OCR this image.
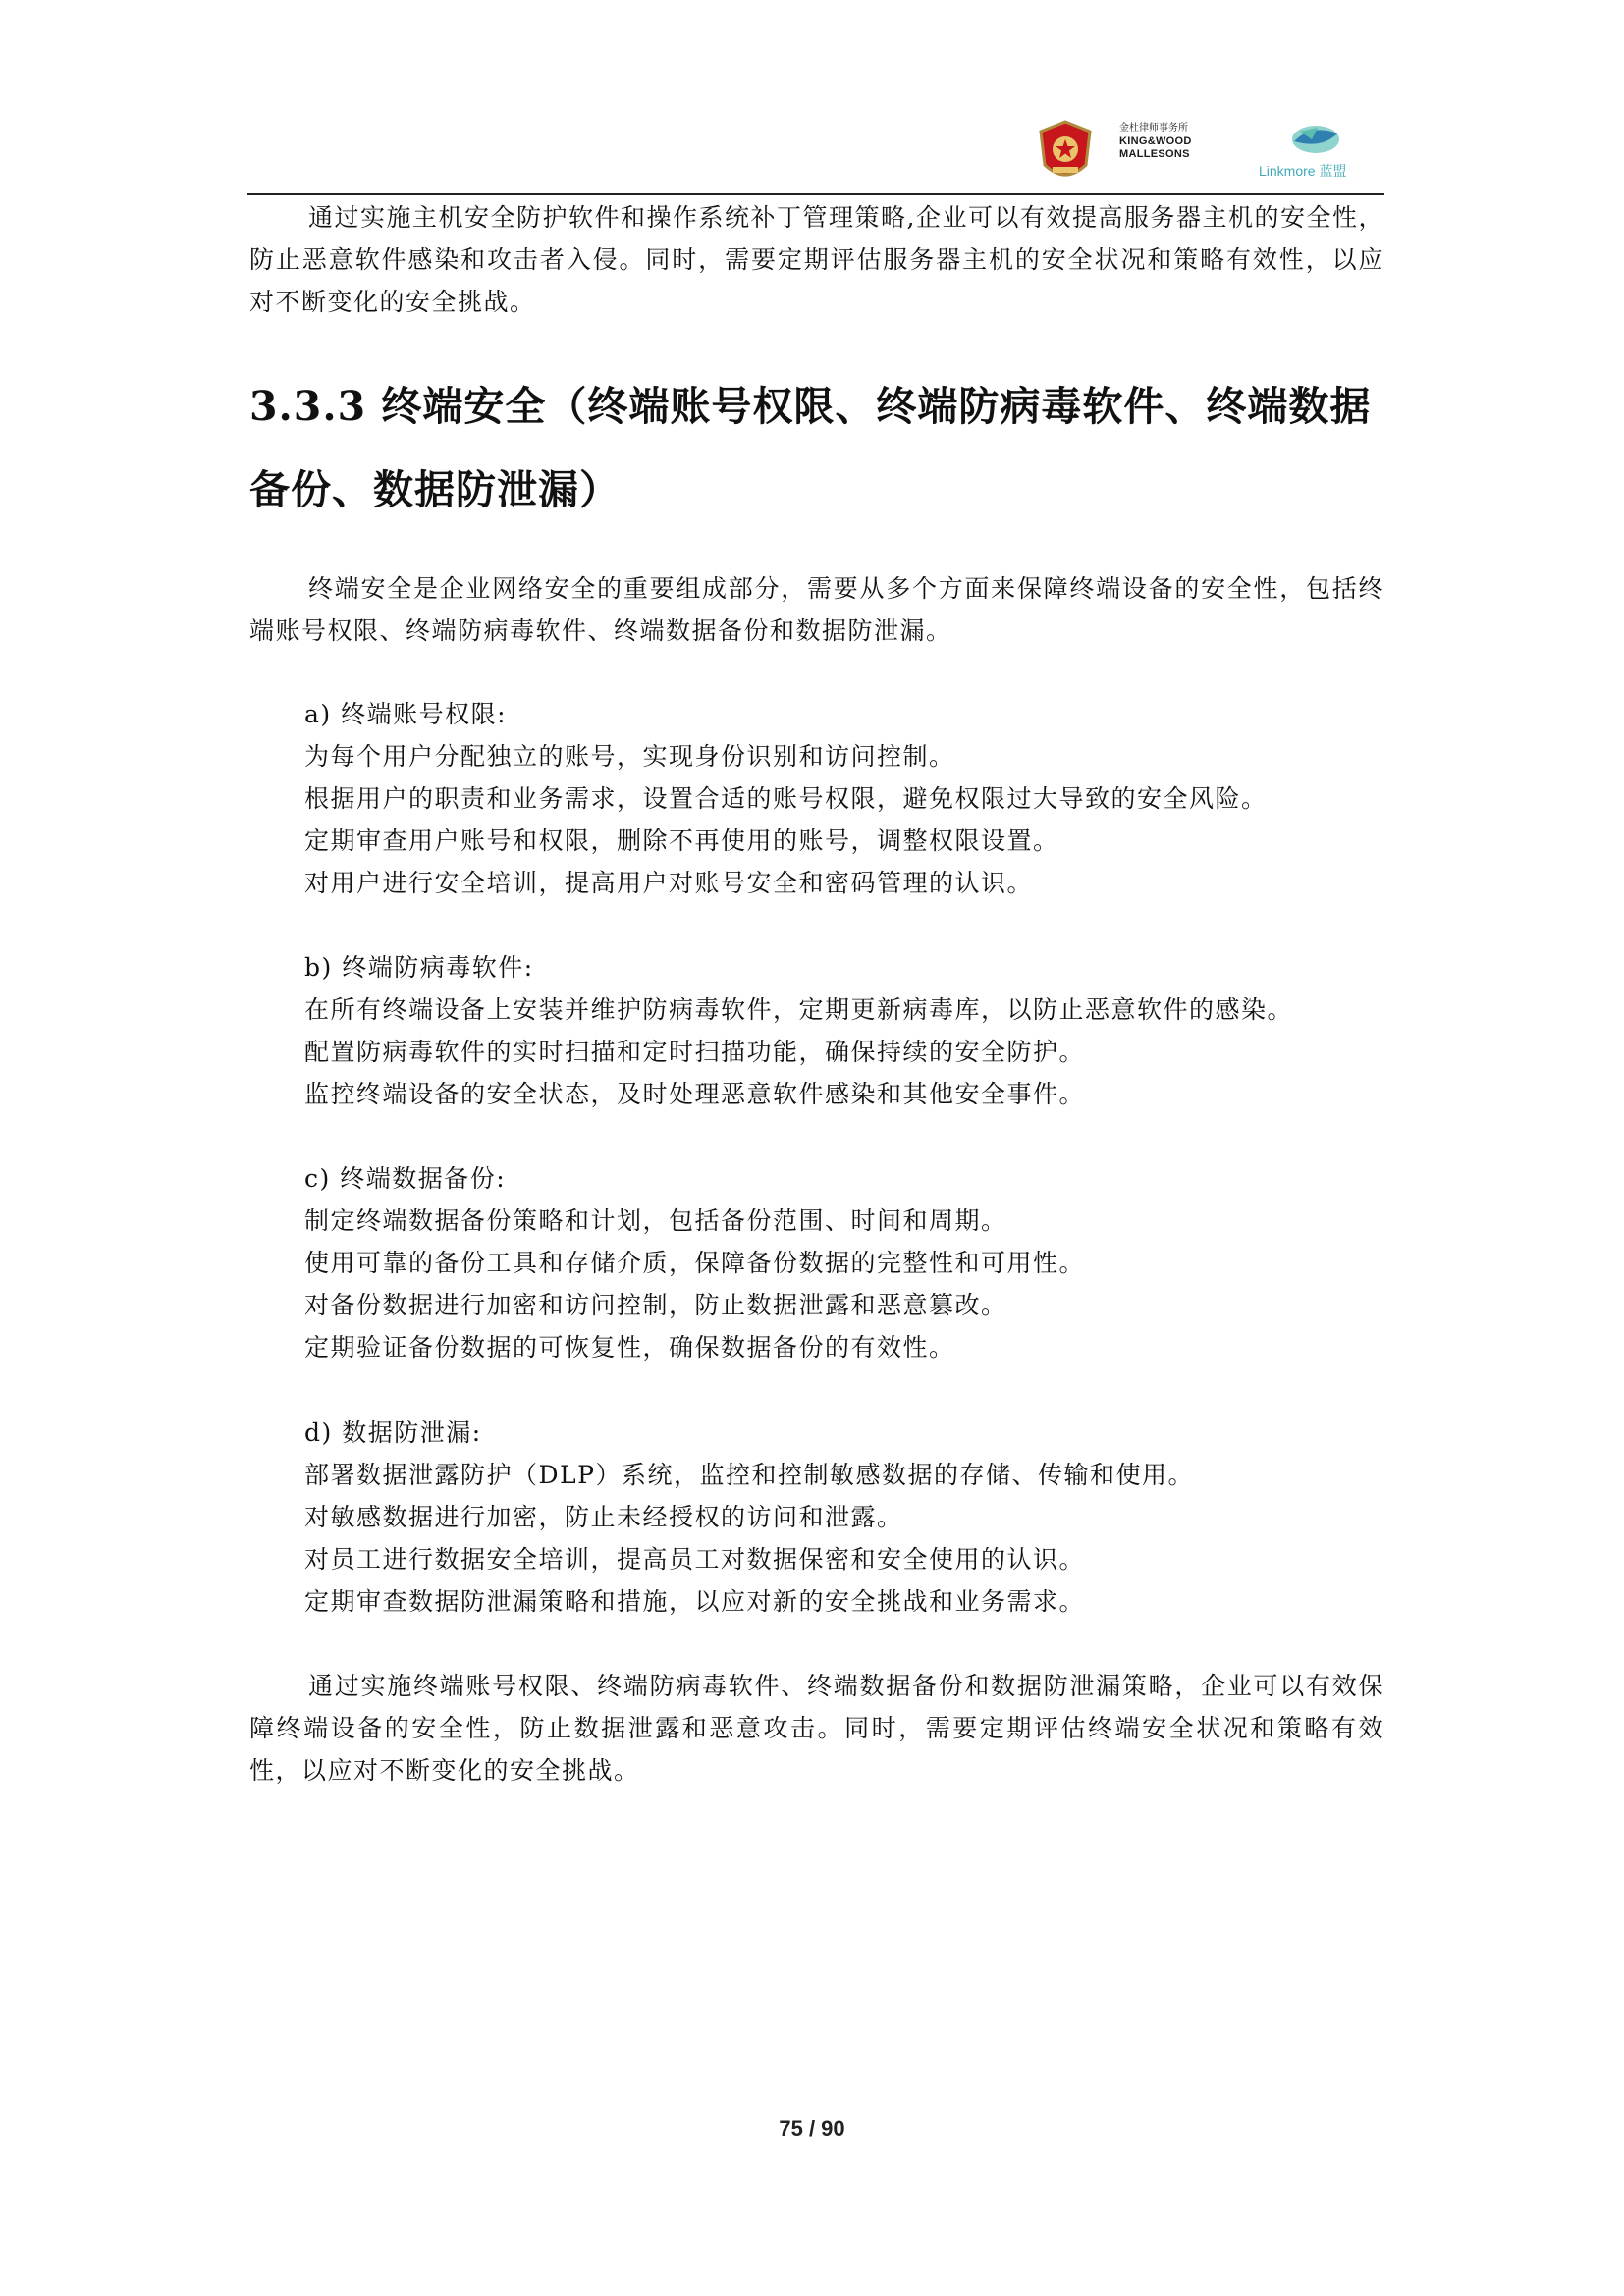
金杜律师事务所
KING&WOOD
MALLESONS
Linkmore 蓝盟

通过实施主机安全防护软件和操作系统补丁管理策略,企业可以有效提高服务器主机的安全性，防止恶意软件感染和攻击者入侵。同时，需要定期评估服务器主机的安全状况和策略有效性，以应对不断变化的安全挑战。

3.3.3 终端安全（终端账号权限、终端防病毒软件、终端数据备份、数据防泄漏）

终端安全是企业网络安全的重要组成部分，需要从多个方面来保障终端设备的安全性，包括终端账号权限、终端防病毒软件、终端数据备份和数据防泄漏。

a) 终端账号权限:
为每个用户分配独立的账号，实现身份识别和访问控制。
根据用户的职责和业务需求，设置合适的账号权限，避免权限过大导致的安全风险。
定期审查用户账号和权限，删除不再使用的账号，调整权限设置。
对用户进行安全培训，提高用户对账号安全和密码管理的认识。
b) 终端防病毒软件:
在所有终端设备上安装并维护防病毒软件，定期更新病毒库，以防止恶意软件的感染。
配置防病毒软件的实时扫描和定时扫描功能，确保持续的安全防护。
监控终端设备的安全状态，及时处理恶意软件感染和其他安全事件。
c) 终端数据备份:
制定终端数据备份策略和计划，包括备份范围、时间和周期。
使用可靠的备份工具和存储介质，保障备份数据的完整性和可用性。
对备份数据进行加密和访问控制，防止数据泄露和恶意篡改。
定期验证备份数据的可恢复性，确保数据备份的有效性。
d) 数据防泄漏:
部署数据泄露防护（DLP）系统，监控和控制敏感数据的存储、传输和使用。
对敏感数据进行加密，防止未经授权的访问和泄露。
对员工进行数据安全培训，提高员工对数据保密和安全使用的认识。
定期审查数据防泄漏策略和措施，以应对新的安全挑战和业务需求。

通过实施终端账号权限、终端防病毒软件、终端数据备份和数据防泄漏策略，企业可以有效保障终端设备的安全性，防止数据泄露和恶意攻击。同时，需要定期评估终端安全状况和策略有效性，以应对不断变化的安全挑战。

75 / 90
